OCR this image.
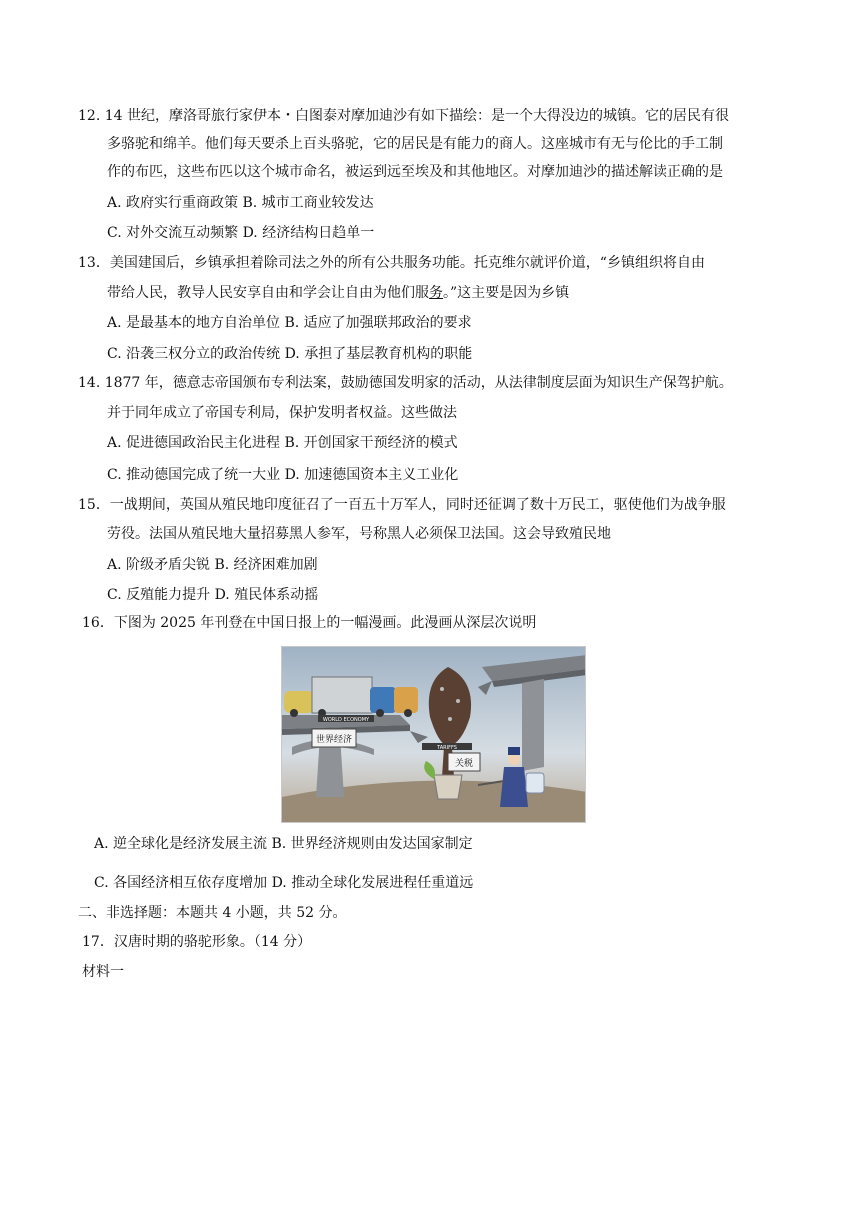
12. 14 世纪，摩洛哥旅行家伊本・白图泰对摩加迪沙有如下描绘：是一个大得没边的城镇。它的居民有很
多骆驼和绵羊。他们每天要杀上百头骆驼，它的居民是有能力的商人。这座城市有无与伦比的手工制
作的布匹，这些布匹以这个城市命名，被运到远至埃及和其他地区。对摩加迪沙的描述解读正确的是
A. 政府实行重商政策 B. 城市工商业较发达
C. 对外交流互动频繁 D. 经济结构日趋单一
13．美国建国后，乡镇承担着除司法之外的所有公共服务功能。托克维尔就评价道，“乡镇组织将自由
带给人民，教导人民安享自由和学会让自由为他们服务。”这主要是因为乡镇
A. 是最基本的地方自治单位 B. 适应了加强联邦政治的要求
C. 沿袭三权分立的政治传统 D. 承担了基层教育机构的职能
14. 1877 年，德意志帝国颁布专利法案，鼓励德国发明家的活动，从法律制度层面为知识生产保驾护航。
并于同年成立了帝国专利局，保护发明者权益。这些做法
A. 促进德国政治民主化进程 B. 开创国家干预经济的模式
C. 推动德国完成了统一大业 D. 加速德国资本主义工业化
15．一战期间，英国从殖民地印度征召了一百五十万军人，同时还征调了数十万民工，驱使他们为战争服
劳役。法国从殖民地大量招募黑人参军，号称黑人必须保卫法国。这会导致殖民地
A. 阶级矛盾尖锐 B. 经济困难加剧
C. 反殖能力提升 D. 殖民体系动摇
16．下图为 2025 年刊登在中国日报上的一幅漫画。此漫画从深层次说明
WORLD ECONOMY
TARIFFS
世界经济
关税
A. 逆全球化是经济发展主流 B. 世界经济规则由发达国家制定
C. 各国经济相互依存度增加 D. 推动全球化发展进程任重道远
二、非选择题：本题共 4 小题，共 52 分。
17．汉唐时期的骆驼形象。（14 分）
材料一
